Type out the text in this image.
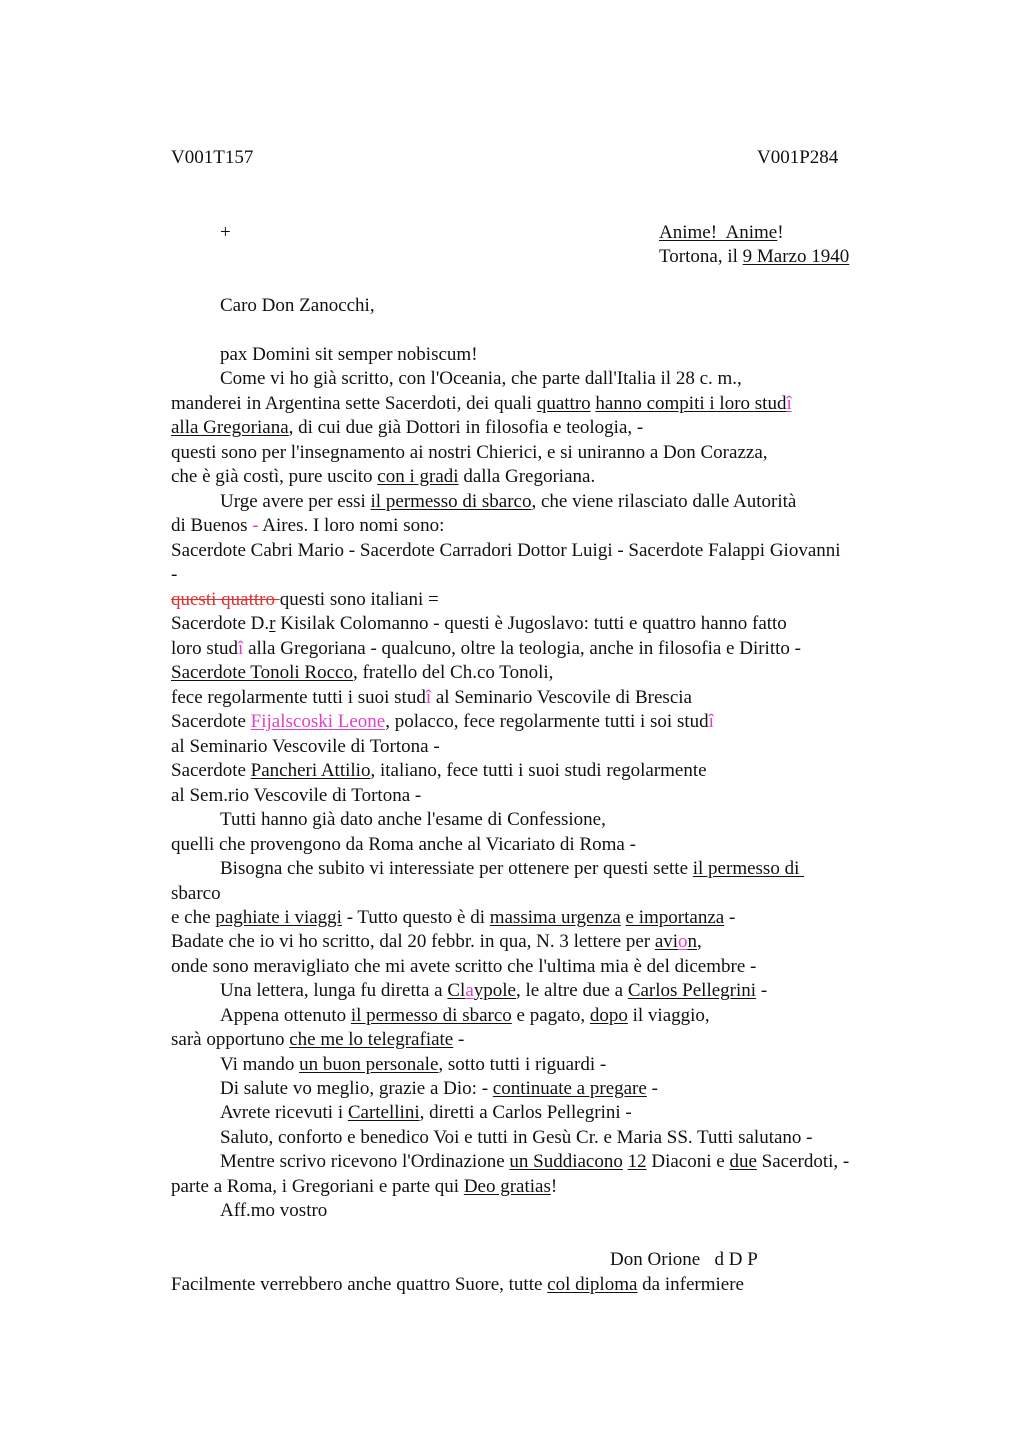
V001T157	V001P284
+	Anime! Anime!
Tortona, il 9 Marzo 1940
Caro Don Zanocchi,
pax Domini sit semper nobiscum!
Come vi ho già scritto, con l'Oceania, che parte dall'Italia il 28 c. m.,
manderei in Argentina sette Sacerdoti, dei quali quattro hanno compiti i loro studî
alla Gregoriana, di cui due già Dottori in filosofia e teologia, -
questi sono per l'insegnamento ai nostri Chierici, e si uniranno a Don Corazza,
che è già costì, pure uscito con i gradi dalla Gregoriana.
Urge avere per essi il permesso di sbarco, che viene rilasciato dalle Autorità
di Buenos - Aires. I loro nomi sono:
Sacerdote Cabri Mario - Sacerdote Carradori Dottor Luigi - Sacerdote Falappi Giovanni
-
questi quattro questi sono italiani =
Sacerdote D.r Kisilak Colomanno - questi è Jugoslavo: tutti e quattro hanno fatto
loro studî alla Gregoriana - qualcuno, oltre la teologia, anche in filosofia e Diritto -
Sacerdote Tonoli Rocco, fratello del Ch.co Tonoli,
fece regolarmente tutti i suoi studî al Seminario Vescovile di Brescia
Sacerdote Fijalscoski Leone, polacco, fece regolarmente tutti i soi studî
al Seminario Vescovile di Tortona -
Sacerdote Pancheri Attilio, italiano, fece tutti i suoi studi regolarmente
al Sem.rio Vescovile di Tortona -
Tutti hanno già dato anche l'esame di Confessione,
quelli che provengono da Roma anche al Vicariato di Roma -
Bisogna che subito vi interessiate per ottenere per questi sette il permesso di
sbarco
e che paghiate i viaggi - Tutto questo è di massima urgenza e importanza -
Badate che io vi ho scritto, dal 20 febbr. in qua, N. 3 lettere per avion,
onde sono meravigliato che mi avete scritto che l'ultima mia è del dicembre -
Una lettera, lunga fu diretta a Claypole, le altre due a Carlos Pellegrini -
Appena ottenuto il permesso di sbarco e pagato, dopo il viaggio,
sarà opportuno che me lo telegrafiate -
Vi mando un buon personale, sotto tutti i riguardi -
Di salute vo meglio, grazie a Dio: - continuate a pregare -
Avrete ricevuti i Cartellini, diretti a Carlos Pellegrini -
Saluto, conforto e benedico Voi e tutti in Gesù Cr. e Maria SS. Tutti salutano -
Mentre scrivo ricevono l'Ordinazione un Suddiacono 12 Diaconi e due Sacerdoti, -
parte a Roma, i Gregoriani e parte qui Deo gratias!
Aff.mo vostro
Don Orione   d D P
Facilmente verrebbero anche quattro Suore, tutte col diploma da infermiere
